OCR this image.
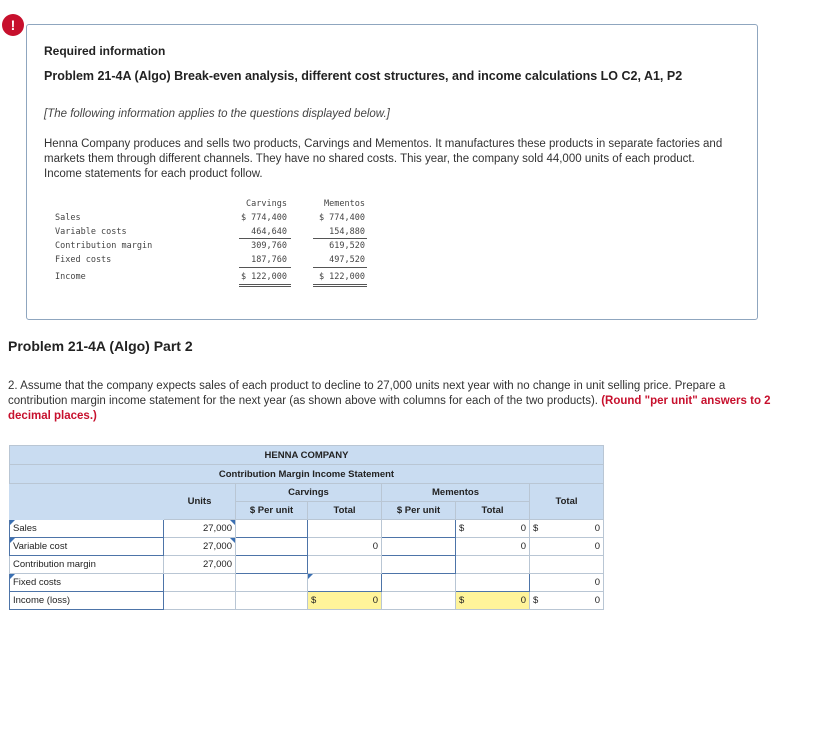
!
Required information
Problem 21-4A (Algo) Break-even analysis, different cost structures, and income calculations LO C2, A1, P2
[The following information applies to the questions displayed below.]
Henna Company produces and sells two products, Carvings and Mementos. It manufactures these products in separate factories and markets them through different channels. They have no shared costs. This year, the company sold 44,000 units of each product. Income statements for each product follow.
Carvings	Mementos
Sales	$ 774,400	$ 774,400
Variable costs	464,640	154,880
Contribution margin	309,760	619,520
Fixed costs	187,760	497,520
Income	$ 122,000	$ 122,000
Problem 21-4A (Algo) Part 2
2. Assume that the company expects sales of each product to decline to 27,000 units next year with no change in unit selling price. Prepare a contribution margin income statement for the next year (as shown above with columns for each of the two products). (Round "per unit" answers to 2 decimal places.)
HENNA COMPANY						
Contribution Margin Income Statement						
	Units	Carvings		Mementos		Total
		$ Per unit	Total	$ Per unit	Total	
Sales	27,000				$ 0	$ 0
Variable cost	27,000		0		0	0
Contribution margin	27,000					
Fixed costs						0
Income (loss)			$ 0		$ 0	$ 0
